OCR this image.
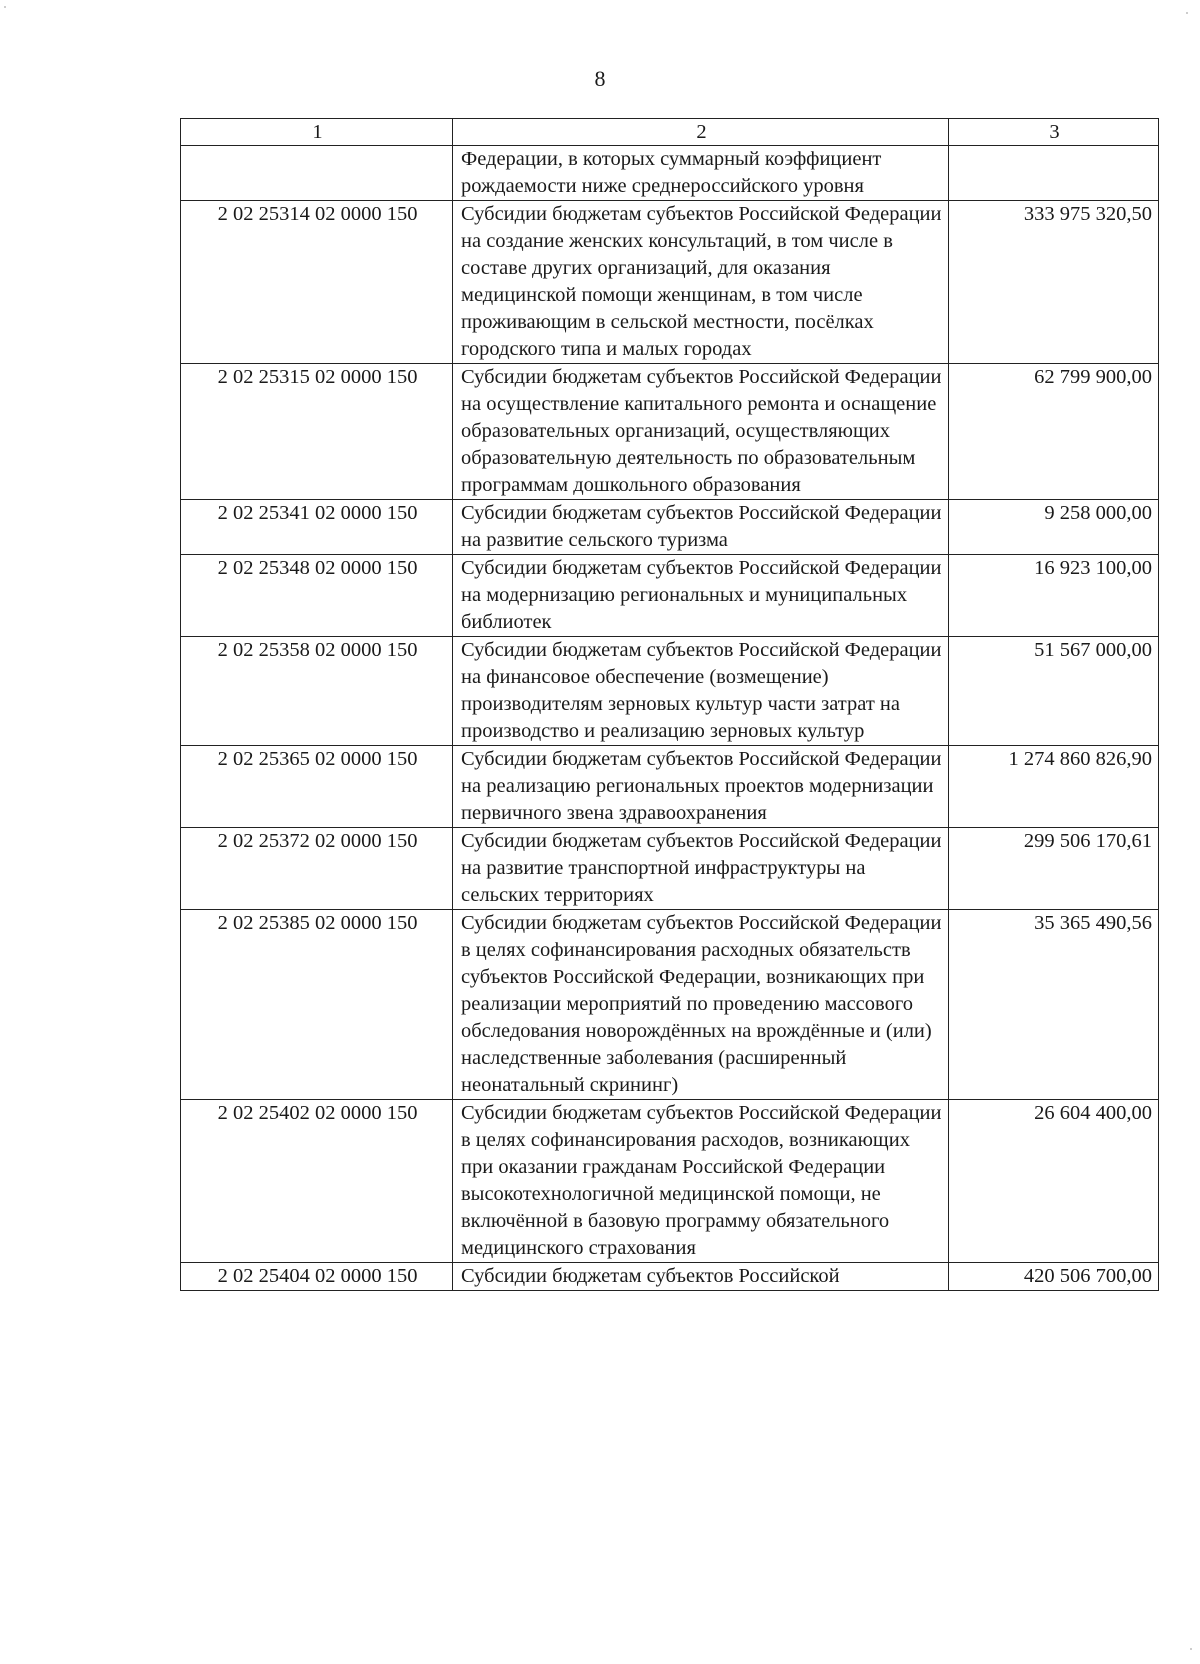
8
1	2	3
	Федерации, в которых суммарный коэффициент рождаемости ниже среднероссийского уровня	
2 02 25314 02 0000 150	Субсидии бюджетам субъектов Российской Федерации на создание женских консультаций, в том числе в составе других организаций, для оказания медицинской помощи женщинам, в том числе проживающим в сельской местности, посёлках городского типа и малых городах	333 975 320,50
2 02 25315 02 0000 150	Субсидии бюджетам субъектов Российской Федерации на осуществление капитального ремонта и оснащение образовательных организаций, осуществляющих образовательную деятельность по образовательным программам дошкольного образования	62 799 900,00
2 02 25341 02 0000 150	Субсидии бюджетам субъектов Российской Федерации на развитие сельского туризма	9 258 000,00
2 02 25348 02 0000 150	Субсидии бюджетам субъектов Российской Федерации на модернизацию региональных и муниципальных библиотек	16 923 100,00
2 02 25358 02 0000 150	Субсидии бюджетам субъектов Российской Федерации на финансовое обеспечение (возмещение) производителям зерновых культур части затрат на производство и реализацию зерновых культур	51 567 000,00
2 02 25365 02 0000 150	Субсидии бюджетам субъектов Российской Федерации на реализацию региональных проектов модернизации первичного звена здравоохранения	1 274 860 826,90
2 02 25372 02 0000 150	Субсидии бюджетам субъектов Российской Федерации на развитие транспортной инфраструктуры на сельских территориях	299 506 170,61
2 02 25385 02 0000 150	Субсидии бюджетам субъектов Российской Федерации в целях софинансирования расходных обязательств субъектов Российской Федерации, возникающих при реализации мероприятий по проведению массового обследования новорождённых на врождённые и (или) наследственные заболевания (расширенный неонатальный скрининг)	35 365 490,56
2 02 25402 02 0000 150	Субсидии бюджетам субъектов Российской Федерации в целях софинансирования расходов, возникающих при оказании гражданам Российской Федерации высокотехнологичной медицинской помощи, не включённой в базовую программу обязательного медицинского страхования	26 604 400,00
2 02 25404 02 0000 150	Субсидии бюджетам субъектов Российской	420 506 700,00
